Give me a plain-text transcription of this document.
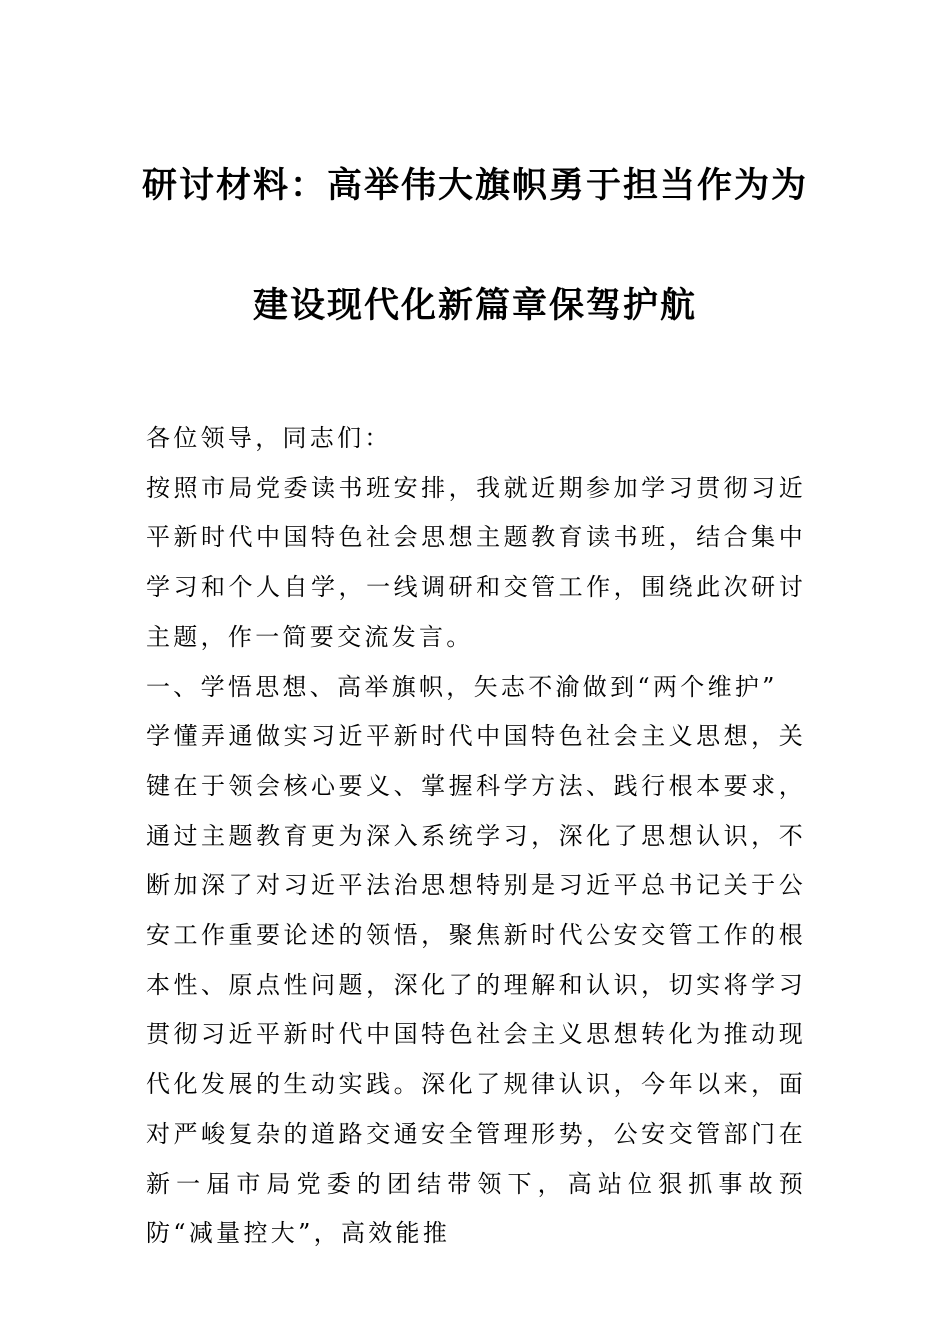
研讨材料：高举伟大旗帜勇于担当作为为
建设现代化新篇章保驾护航

各位领导，同志们：

按照市局党委读书班安排，我就近期参加学习贯彻习近平新时代中国特色社会思想主题教育读书班，结合集中学习和个人自学，一线调研和交管工作，围绕此次研讨主题，作一简要交流发言。

一、学悟思想、高举旗帜，矢志不渝做到“两个维护”

学懂弄通做实习近平新时代中国特色社会主义思想，关键在于领会核心要义、掌握科学方法、践行根本要求，通过主题教育更为深入系统学习，深化了思想认识，不断加深了对习近平法治思想特别是习近平总书记关于公安工作重要论述的领悟，聚焦新时代公安交管工作的根本性、原点性问题，深化了的理解和认识，切实将学习贯彻习近平新时代中国特色社会主义思想转化为推动现代化发展的生动实践。深化了规律认识，今年以来，面对严峻复杂的道路交通安全管理形势，公安交管部门在新一届市局党委的团结带领下，高站位狠抓事故预防“减量控大”，高效能推
